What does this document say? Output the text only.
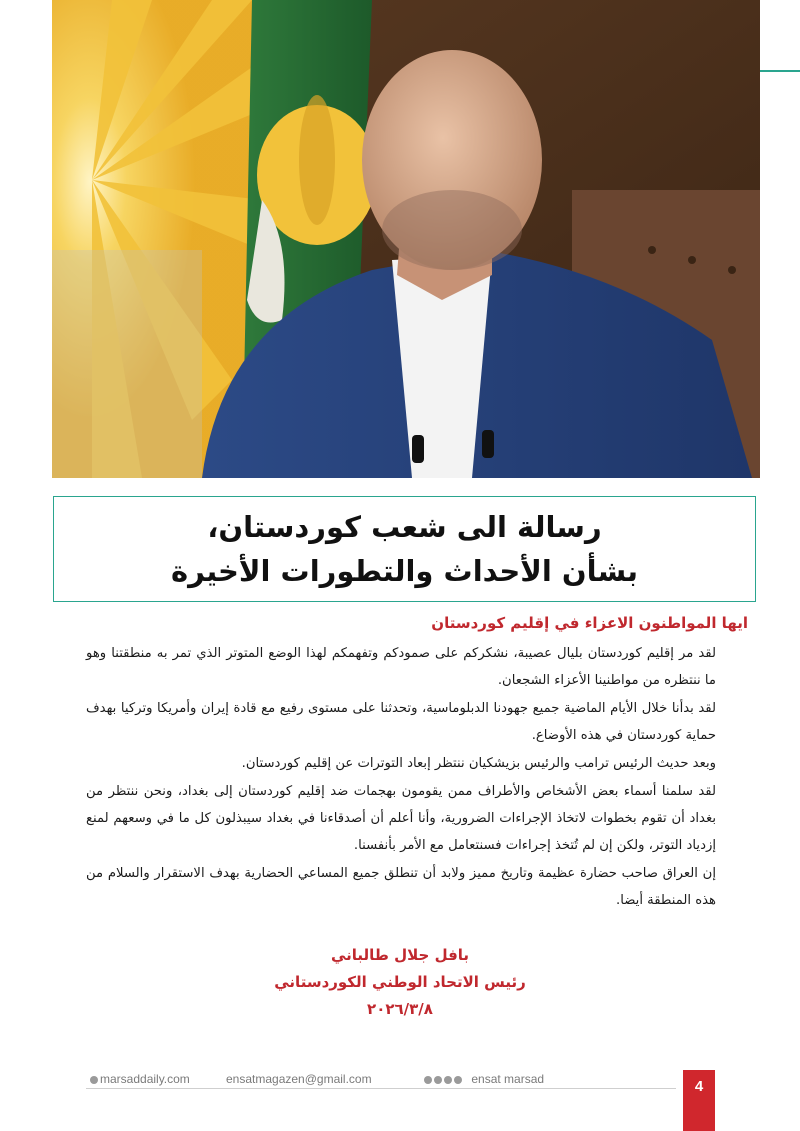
رسالة الى شعب كوردستان،
بشأن الأحداث والتطورات الأخيرة
ايها المواطنون الاعزاء في إقليم كوردستان

لقد مر إقليم كوردستان بليال عصيبة، نشكركم على صمودكم وتفهمكم لهذا الوضع المتوتر الذي تمر به منطقتنا وهو ما ننتظره من مواطنينا الأعزاء الشجعان.

لقد بدأنا خلال الأيام الماضية جميع جهودنا الدبلوماسية، وتحدثنا على مستوى رفيع مع قادة إيران وأمريكا وتركيا بهدف حماية كوردستان في هذه الأوضاع.

وبعد حديث الرئيس ترامب والرئيس بزيشكيان ننتظر إبعاد التوترات عن إقليم كوردستان.

لقد سلمنا أسماء بعض الأشخاص والأطراف ممن يقومون بهجمات ضد إقليم كوردستان إلى بغداد، ونحن ننتظر من بغداد أن تقوم بخطوات لاتخاذ الإجراءات الضرورية، وأنا أعلم أن أصدقاءنا في بغداد سيبذلون كل ما في وسعهم لمنع إزدياد التوتر، ولكن إن لم تُتخذ إجراءات فسنتعامل مع الأمر بأنفسنا.

إن العراق صاحب حضارة عظيمة وتاريخ مميز ولابد أن تنطلق جميع المساعي الحضارية بهدف الاستقرار والسلام من هذه المنطقة أيضا.

بافل جلال طالباني
رئيس الاتحاد الوطني الكوردستاني
٢٠٢٦/٣/٨
marsaddaily.com	ensatmagazen@gmail.com	ensat marsad	4
